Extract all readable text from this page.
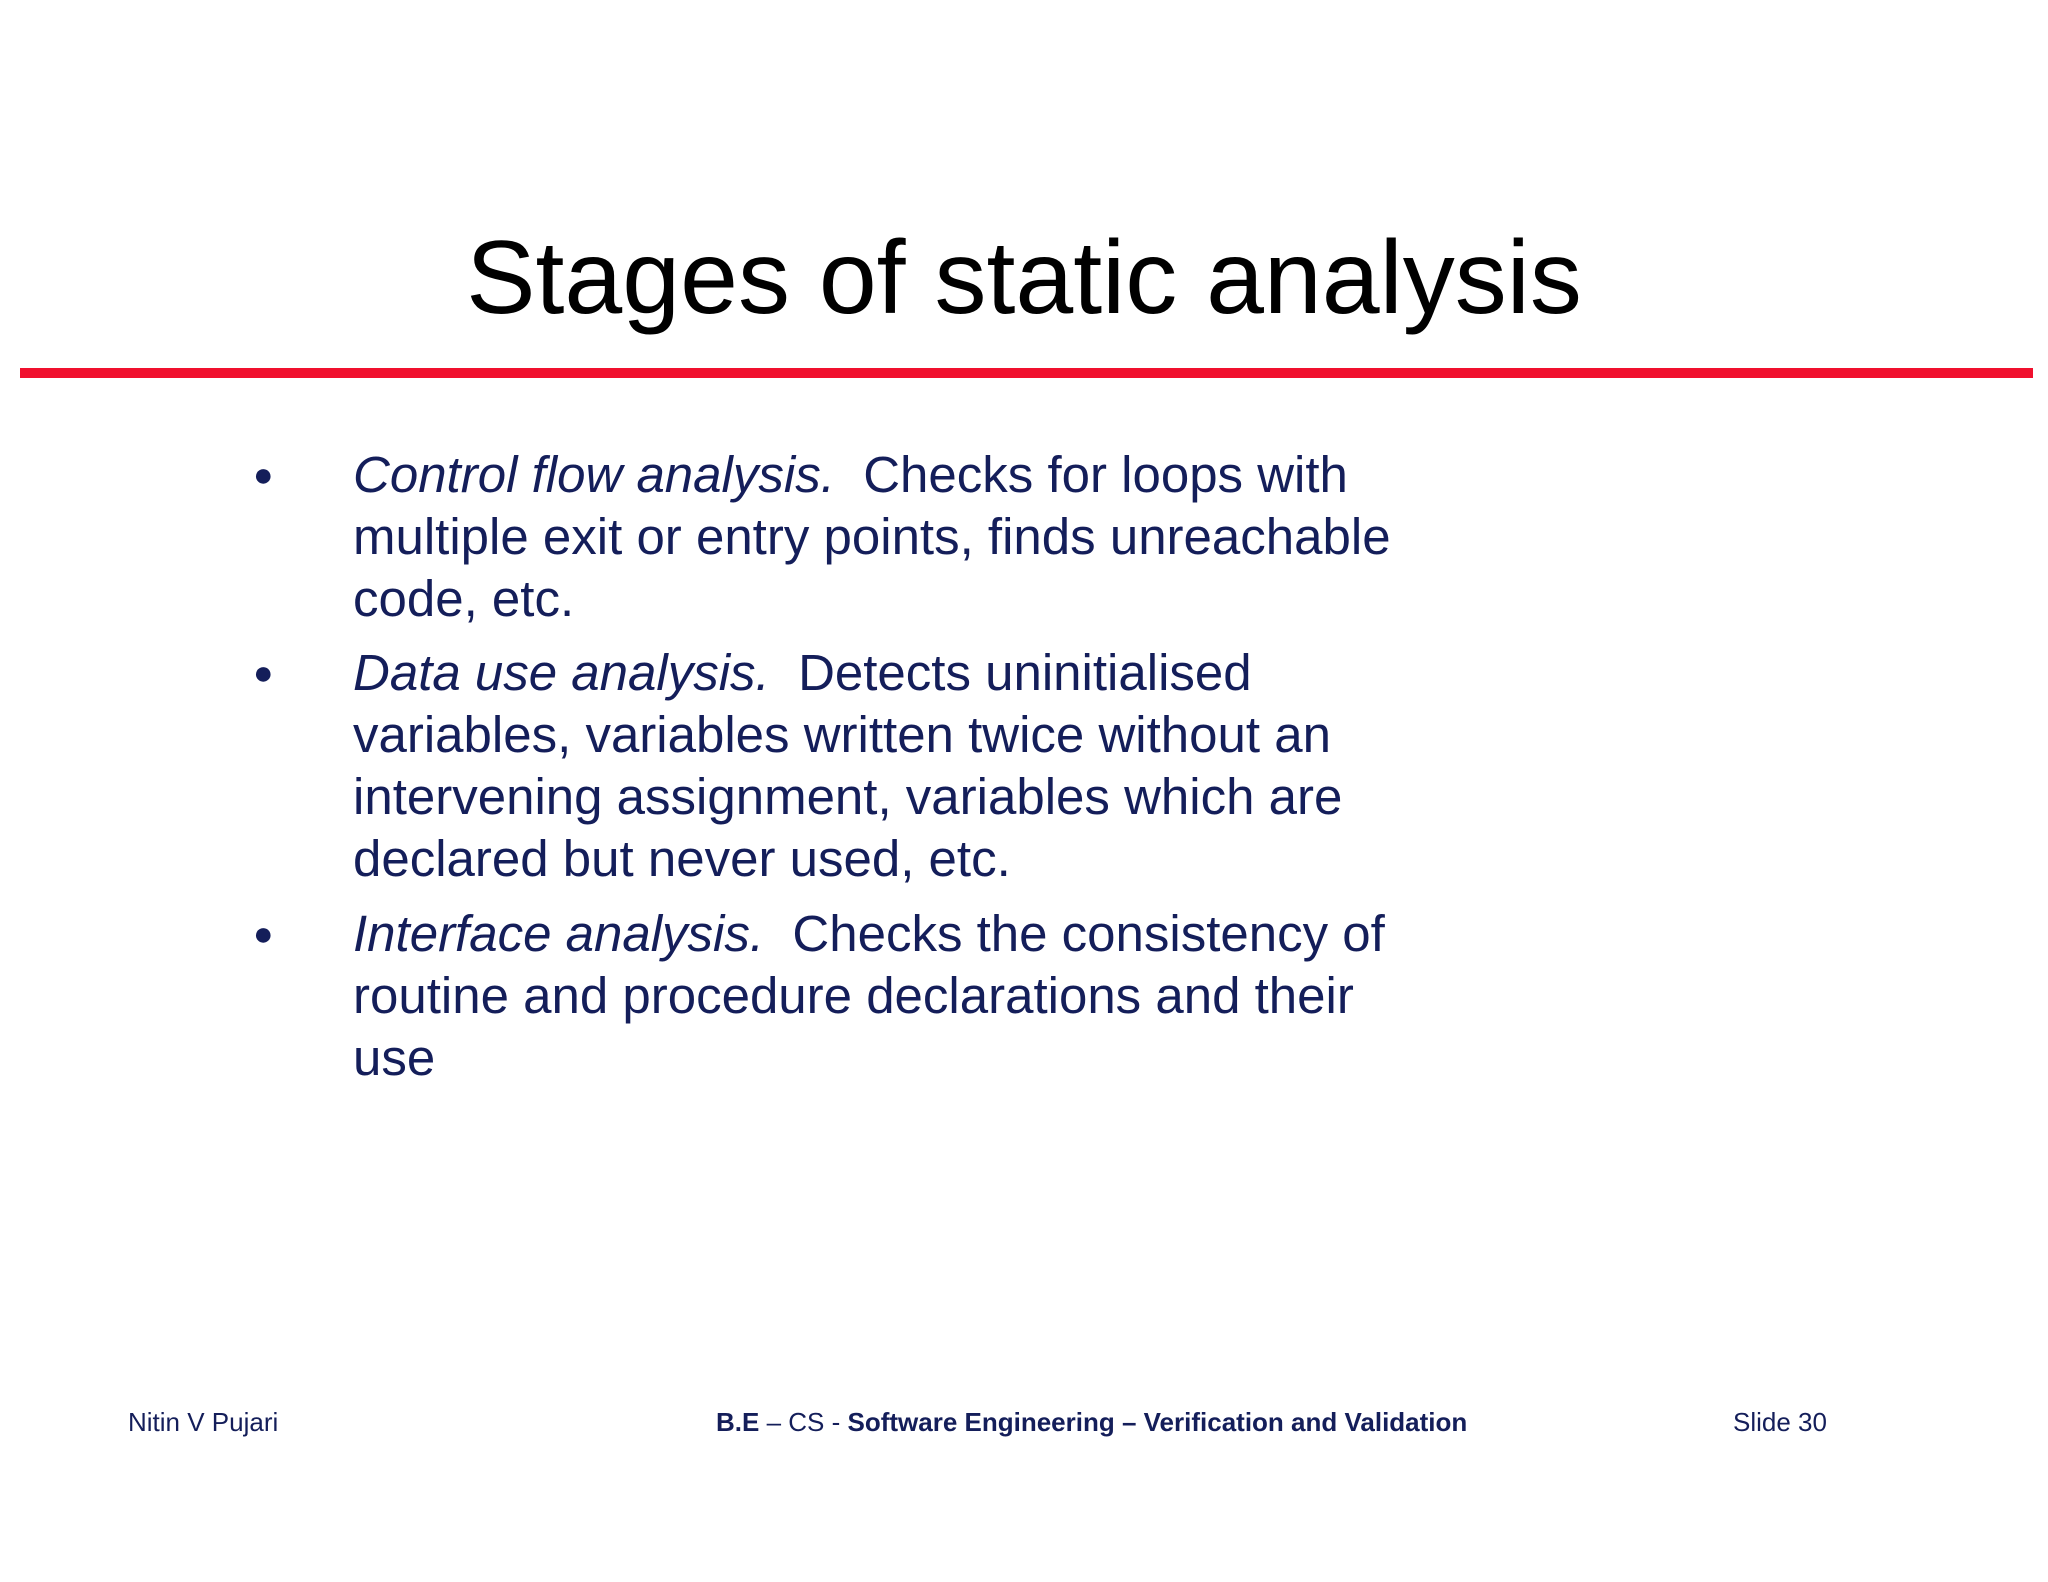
Stages of static analysis
● Control flow analysis. Checks for loops with multiple exit or entry points, finds unreachable code, etc.
● Data use analysis. Detects uninitialised variables, variables written twice without an intervening assignment, variables which are declared but never used, etc.
● Interface analysis. Checks the consistency of routine and procedure declarations and their use
Nitin V Pujari	B.E – CS - Software Engineering – Verification and Validation	Slide 30
